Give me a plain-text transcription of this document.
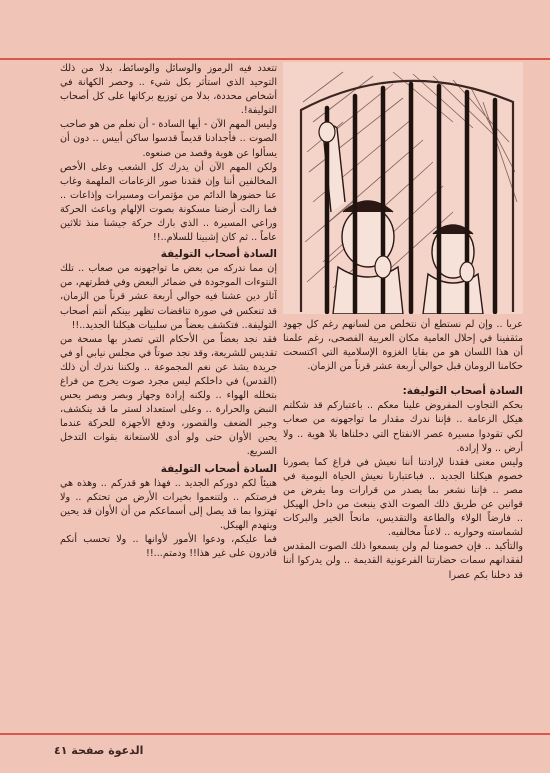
تتعدد فيه الرموز والوسائل والوسائط، بدلا من ذلك التوحيد الذي استأثر بكل شيء .. وحصر الكهانة في أشخاص محددة، بدلا من توزيع بركاتها على كل أصحاب التوليفة!.

وليس المهم الآن - أيها السادة - أن نعلم من هو صاحب الصوت .. فأجدادنا قديماً قدسوا ساكن أبيس .. دون أن يسألوا عن هوية وقصد من صنعوه.

ولكن المهم الآن أن يدرك كل الشعب وعلى الأخص المخالفين أننا وإن فقدنا صور الزعامات الملهمة وغاب عنا حضورها الدائم من مؤتمرات ومسيرات وإذاعات .. فما زالت أرضنا مسكونة بصوت الإلهام وباعث الحركة وراعي المسيرة .. الذي بارك حركة جيشنا منذ ثلاثين عاماً .. ثم كان إشبينا للسلام..!!

السادة أصحاب التوليفة

إن مما ندركه من بعض ما تواجهونه من صعاب .. تلك النتوءات الموجودة في ضمائر البعض وفي فطرتهم، من آثار دين عشنا فيه حوالي أربعة عشر قرناً من الزمان، قد تنعكس في صورة تناقضات تظهر بينكم أنتم أصحاب التوليفة.. فتكشف بعضاً من سلبيات هيكلنا الجديد..!!

فقد نجد بعضاً من الأحكام التي تصدر بها مسحة من تقديس للشريعة، وقد نجد صوتاً في مجلس نيابي أو في جريدة يشذ عن نغم المجموعة .. ولكننا ندرك أن ذلك (القدس) في داخلكم ليس مجرد صوت يخرج من فراغ بتخلله الهواء .. ولكنه إرادة وجهاز وبصر وبصر يحس النبض والحرارة .. وعلى استعداد لستر ما قد ينكشف، وجبر الضعف والقصور، ودفع الأجهزة للحركة عندما يحين الأوان حتى ولو أدى للاستعانة بقوات التدخل السريع.

السادة أصحاب التوليفة

هنيئاً لكم دوركم الجديد .. فهذا هو قدركم .. وهذه هي فرصتكم .. ولتنعموا بخيرات الأرض من تحتكم .. ولا تهتزوا بما قد يصل إلى أسماعكم من أن الأوان قد يحين ويتهدم الهيكل.

فما عليكم، ودعوا الأمور لأوانها .. ولا تحسب أنكم قادرون على غير هذا!! ودمتم...!!

عربا .. وإن لم نستطع أن نتخلص من لسانهم رغم كل جهود مثقفينا في إحلال العامية مكان العربية الفصحى، رغم علمنا أن هذا اللسان هو من بقايا الغزوة الإسلامية التي اكتسحت حكامنا الرومان قبل حوالي أربعة عشر قرناً من الزمان.

السادة أصحاب التوليفة:

بحكم التجاوب المفروض علينا معكم .. باعتباركم قد شكلتم هيكل الزعامة .. فإننا ندرك مقدار ما تواجهونه من صعاب لكي تقودوا مسيرة عصر الانفتاح التي دخلناها بلا هوية .. ولا أرض .. ولا إرادة.

وليس معنى فقدنا لإرادتنا أننا نعيش في فراغ كما يصورنا خصوم هيكلنا الجديد .. فباعتبارنا نعيش الحياة اليومية في مصر .. فإننا نشعر بما يصدر من قرارات وما يفرض من قوانين عن طريق ذلك الصوت الذي ينبعث من داخل الهيكل .. فارضاً الولاء والطاعة والتقديس، مانحاً الخير والبركات لشماسته وحواريه .. لاعناً مخالفيه.

والتأكيد .. فإن خصومنا لم ولن يسمعوا ذلك الصوت المقدس لفقدانهم سمات حضارتنا الفرعونية القديمة .. ولن يدركوا أننا قد دخلنا بكم عصرا

الدعوة صفحة ٤١
